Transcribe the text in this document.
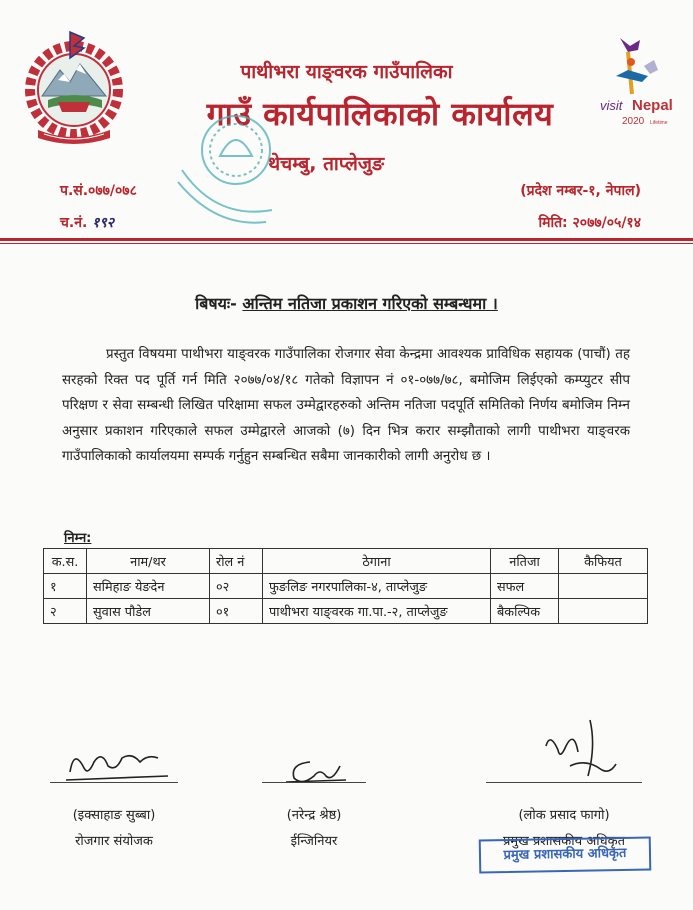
visit Nepal
2020 Lifetime
पाथीभरा याङ्वरक गाउँपालिका
गाउँ कार्यपालिकाको कार्यालय
थेचम्बु, ताप्लेजुङ
प.सं.०७७/०७८	(प्रदेश नम्बर-१, नेपाल)
च.नं. १९२	मिति: २०७७/०५/१४
बिषयः- अन्तिम नतिजा प्रकाशन गरिएको सम्बन्धमा ।

प्रस्तुत विषयमा पाथीभरा याङ्वरक गाउँपालिका रोजगार सेवा केन्द्रमा आवश्यक प्राविधिक सहायक (पाचौं) तह सरहको रिक्त पद पूर्ति गर्न मिति २०७७/०४/१८ गतेको विज्ञापन नं ०१-०७७/७८, बमोजिम लिईएको कम्प्युटर सीप परिक्षण र सेवा सम्बन्धी लिखित परिक्षामा सफल उम्मेद्वारहरुको अन्तिम नतिजा पदपूर्ति समितिको निर्णय बमोजिम निम्न अनुसार प्रकाशन गरिएकाले सफल उम्मेद्वारले आजको (७) दिन भित्र करार सम्झौताको लागी पाथीभरा याङ्वरक गाउँपालिकाको कार्यालयमा सम्पर्क गर्नुहुन सम्बन्धित सबैमा जानकारीको लागी अनुरोध छ ।

निम्न:
क.स.	नाम/थर	रोल नं	ठेगाना	नतिजा	कैफियत
१	समिहाङ येङदेन	०२	फुङलिङ नगरपालिका-४, ताप्लेजुङ	सफल	
२	सुवास पौडेल	०१	पाथीभरा याङ्वरक गा.पा.-२, ताप्लेजुङ	बैकल्पिक	
(इक्साहाङ सुब्बा)
रोजगार संयोजक
(नरेन्द्र श्रेष्ठ)
ईन्जिनियर
(लोक प्रसाद फागो)
प्रमुख प्रशासकीय अधिकृत
प्रमुख प्रशासकीय अधिकृत
